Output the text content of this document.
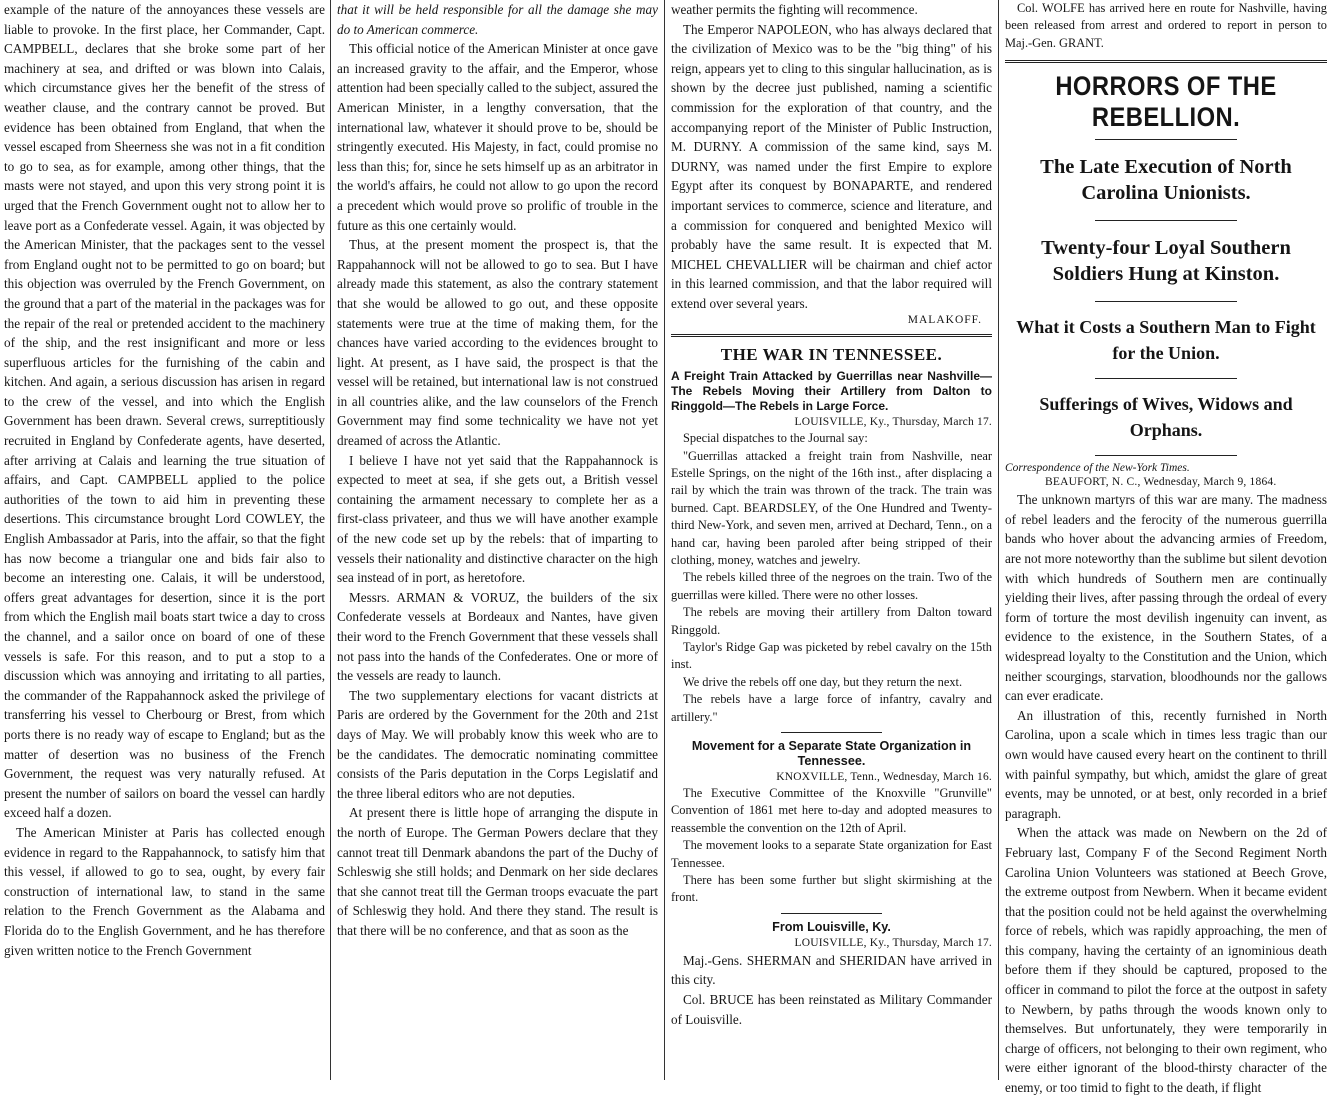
example of the nature of the annoyances these vessels are liable to provoke. In the first place, her Commander, Capt. CAMPBELL, declares that she broke some part of her machinery at sea, and drifted or was blown into Calais, which circumstance gives her the benefit of the stress of weather clause, and the contrary cannot be proved. But evidence has been obtained from England, that when the vessel escaped from Sheerness she was not in a fit condition to go to sea, as for example, among other things, that the masts were not stayed, and upon this very strong point it is urged that the French Government ought not to allow her to leave port as a Confederate vessel. Again, it was objected by the American Minister, that the packages sent to the vessel from England ought not to be permitted to go on board; but this objection was overruled by the French Government, on the ground that a part of the material in the packages was for the repair of the real or pretended accident to the machinery of the ship, and the rest insignificant and more or less superfluous articles for the furnishing of the cabin and kitchen. And again, a serious discussion has arisen in regard to the crew of the vessel, and into which the English Government has been drawn. Several crews, surreptitiously recruited in England by Confederate agents, have deserted, after arriving at Calais and learning the true situation of affairs, and Capt. CAMPBELL applied to the police authorities of the town to aid him in preventing these desertions. This circumstance brought Lord COWLEY, the English Ambassador at Paris, into the affair, so that the fight has now become a triangular one and bids fair also to become an interesting one. Calais, it will be understood, offers great advantages for desertion, since it is the port from which the English mail boats start twice a day to cross the channel, and a sailor once on board of one of these vessels is safe. For this reason, and to put a stop to a discussion which was annoying and irritating to all parties, the commander of the Rappahannock asked the privilege of transferring his vessel to Cherbourg or Brest, from which ports there is no ready way of escape to England; but as the matter of desertion was no business of the French Government, the request was very naturally refused. At present the number of sailors on board the vessel can hardly exceed half a dozen.

The American Minister at Paris has collected enough evidence in regard to the Rappahannock, to satisfy him that this vessel, if allowed to go to sea, ought, by every fair construction of international law, to stand in the same relation to the French Government as the Alabama and Florida do to the English Government, and he has therefore given written notice to the French Government

that it will be held responsible for all the damage she may do to American commerce.

This official notice of the American Minister at once gave an increased gravity to the affair, and the Emperor, whose attention had been specially called to the subject, assured the American Minister, in a lengthy conversation, that the international law, whatever it should prove to be, should be stringently executed. His Majesty, in fact, could promise no less than this; for, since he sets himself up as an arbitrator in the world's affairs, he could not allow to go upon the record a precedent which would prove so prolific of trouble in the future as this one certainly would.

Thus, at the present moment the prospect is, that the Rappahannock will not be allowed to go to sea. But I have already made this statement, as also the contrary statement that she would be allowed to go out, and these opposite statements were true at the time of making them, for the chances have varied according to the evidences brought to light. At present, as I have said, the prospect is that the vessel will be retained, but international law is not construed in all countries alike, and the law counselors of the French Government may find some technicality we have not yet dreamed of across the Atlantic.

I believe I have not yet said that the Rappahannock is expected to meet at sea, if she gets out, a British vessel containing the armament necessary to complete her as a first-class privateer, and thus we will have another example of the new code set up by the rebels: that of imparting to vessels their nationality and distinctive character on the high sea instead of in port, as heretofore.

Messrs. ARMAN & VORUZ, the builders of the six Confederate vessels at Bordeaux and Nantes, have given their word to the French Government that these vessels shall not pass into the hands of the Confederates. One or more of the vessels are ready to launch.

The two supplementary elections for vacant districts at Paris are ordered by the Government for the 20th and 21st days of May. We will probably know this week who are to be the candidates. The democratic nominating committee consists of the Paris deputation in the Corps Legislatif and the three liberal editors who are not deputies.

At present there is little hope of arranging the dispute in the north of Europe. The German Powers declare that they cannot treat till Denmark abandons the part of the Duchy of Schleswig she still holds; and Denmark on her side declares that she cannot treat till the German troops evacuate the part of Schleswig they hold. And there they stand. The result is that there will be no conference, and that as soon as the

weather permits the fighting will recommence.

The Emperor NAPOLEON, who has always declared that the civilization of Mexico was to be the "big thing" of his reign, appears yet to cling to this singular hallucination, as is shown by the decree just published, naming a scientific commission for the exploration of that country, and the accompanying report of the Minister of Public Instruction, M. DURNY. A commission of the same kind, says M. DURNY, was named under the first Empire to explore Egypt after its conquest by BONAPARTE, and rendered important services to commerce, science and literature, and a commission for conquered and benighted Mexico will probably have the same result. It is expected that M. MICHEL CHEVALLIER will be chairman and chief actor in this learned commission, and that the labor required will extend over several years.

MALAKOFF.
THE WAR IN TENNESSEE.
A Freight Train Attacked by Guerrillas near Nashville—The Rebels Moving their Artillery from Dalton to Ringgold—The Rebels in Large Force.
LOUISVILLE, Ky., Thursday, March 17.

Special dispatches to the Journal say:

"Guerrillas attacked a freight train from Nashville, near Estelle Springs, on the night of the 16th inst., after displacing a rail by which the train was thrown of the track. The train was burned. Capt. BEARDSLEY, of the One Hundred and Twenty-third New-York, and seven men, arrived at Dechard, Tenn., on a hand car, having been paroled after being stripped of their clothing, money, watches and jewelry.

The rebels killed three of the negroes on the train. Two of the guerrillas were killed. There were no other losses.

The rebels are moving their artillery from Dalton toward Ringgold.

Taylor's Ridge Gap was picketed by rebel cavalry on the 15th inst.

We drive the rebels off one day, but they return the next.

The rebels have a large force of infantry, cavalry and artillery."

Movement for a Separate State Organization in Tennessee.
KNOXVILLE, Tenn., Wednesday, March 16.

The Executive Committee of the Knoxville "Grunville" Convention of 1861 met here to-day and adopted measures to reassemble the convention on the 12th of April.

The movement looks to a separate State organization for East Tennessee.

There has been some further but slight skirmishing at the front.

From Louisville, Ky.
LOUISVILLE, Ky., Thursday, March 17.

Maj.-Gens. SHERMAN and SHERIDAN have arrived in this city.

Col. BRUCE has been reinstated as Military Commander of Louisville.

Col. WOLFE has arrived here en route for Nashville, having been released from arrest and ordered to report in person to Maj.-Gen. GRANT.

HORRORS OF THE REBELLION.
The Late Execution of North Carolina Unionists.
Twenty-four Loyal Southern Soldiers Hung at Kinston.
What it Costs a Southern Man to Fight for the Union.
Sufferings of Wives, Widows and Orphans.
Correspondence of the New-York Times.
BEAUFORT, N. C., Wednesday, March 9, 1864.

The unknown martyrs of this war are many. The madness of rebel leaders and the ferocity of the numerous guerrilla bands who hover about the advancing armies of Freedom, are not more noteworthy than the sublime but silent devotion with which hundreds of Southern men are continually yielding their lives, after passing through the ordeal of every form of torture the most devilish ingenuity can invent, as evidence to the existence, in the Southern States, of a widespread loyalty to the Constitution and the Union, which neither scourgings, starvation, bloodhounds nor the gallows can ever eradicate.

An illustration of this, recently furnished in North Carolina, upon a scale which in times less tragic than our own would have caused every heart on the continent to thrill with painful sympathy, but which, amidst the glare of great events, may be unnoted, or at best, only recorded in a brief paragraph.

When the attack was made on Newbern on the 2d of February last, Company F of the Second Regiment North Carolina Union Volunteers was stationed at Beech Grove, the extreme outpost from Newbern. When it became evident that the position could not be held against the overwhelming force of rebels, which was rapidly approaching, the men of this company, having the certainty of an ignominious death before them if they should be captured, proposed to the officer in command to pilot the force at the outpost in safety to Newbern, by paths through the woods known only to themselves. But unfortunately, they were temporarily in charge of officers, not belonging to their own regiment, who were either ignorant of the blood-thirsty character of the enemy, or too timid to fight to the death, if flight
